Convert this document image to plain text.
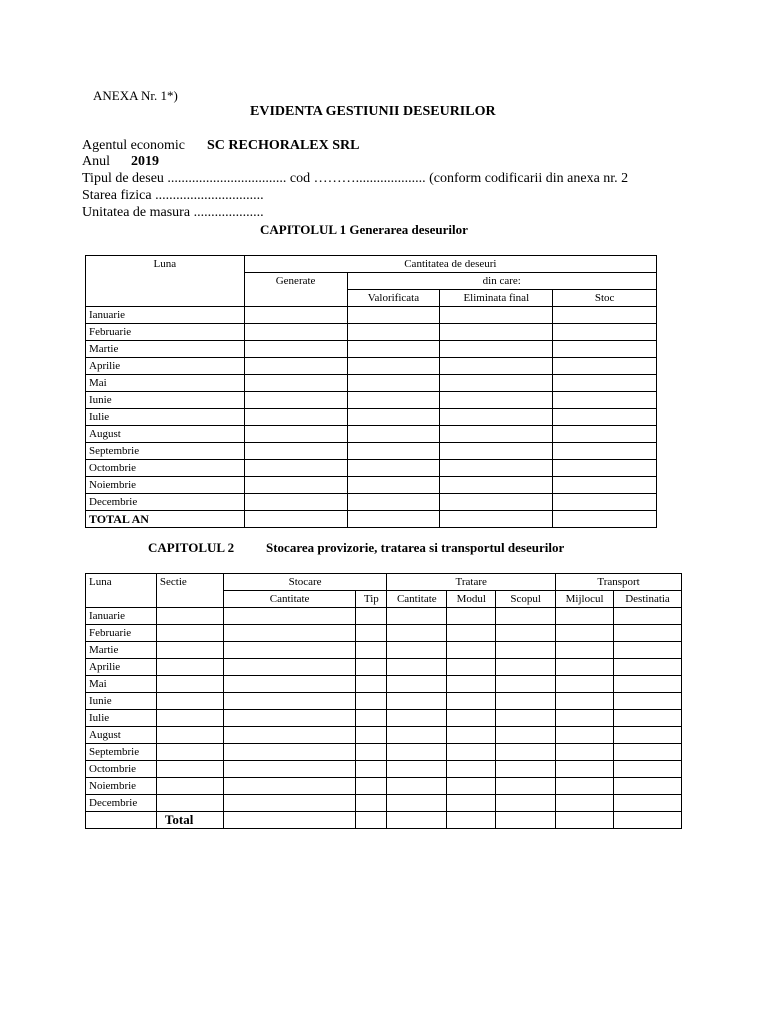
ANEXA Nr. 1*)
EVIDENTA GESTIUNII DESEURILOR
Agentul economic SC RECHORALEX SRL
Anul 2019
Tipul de deseu .................................. cod ……….................... (conform codificarii din anexa nr. 2
Starea fizica ...............................
Unitatea de masura ....................
CAPITOLUL 1 Generarea deseurilor
Luna	Cantitatea de deseuri			
	Generate	din care:		
		Valorificata	Eliminata final	Stoc
Ianuarie				
Februarie				
Martie				
Aprilie				
Mai				
Iunie				
Iulie				
August				
Septembrie				
Octombrie				
Noiembrie				
Decembrie				
TOTAL AN				
CAPITOLUL 2 Stocarea provizorie, tratarea si transportul deseurilor
Luna	Sectie	Stocare		Tratare			Transport	
		Cantitate	Tip	Cantitate	Modul	Scopul	Mijlocul	Destinatia
Ianuarie								
Februarie								
Martie								
Aprilie								
Mai								
Iunie								
Iulie								
August								
Septembrie								
Octombrie								
Noiembrie								
Decembrie								
	Total							
